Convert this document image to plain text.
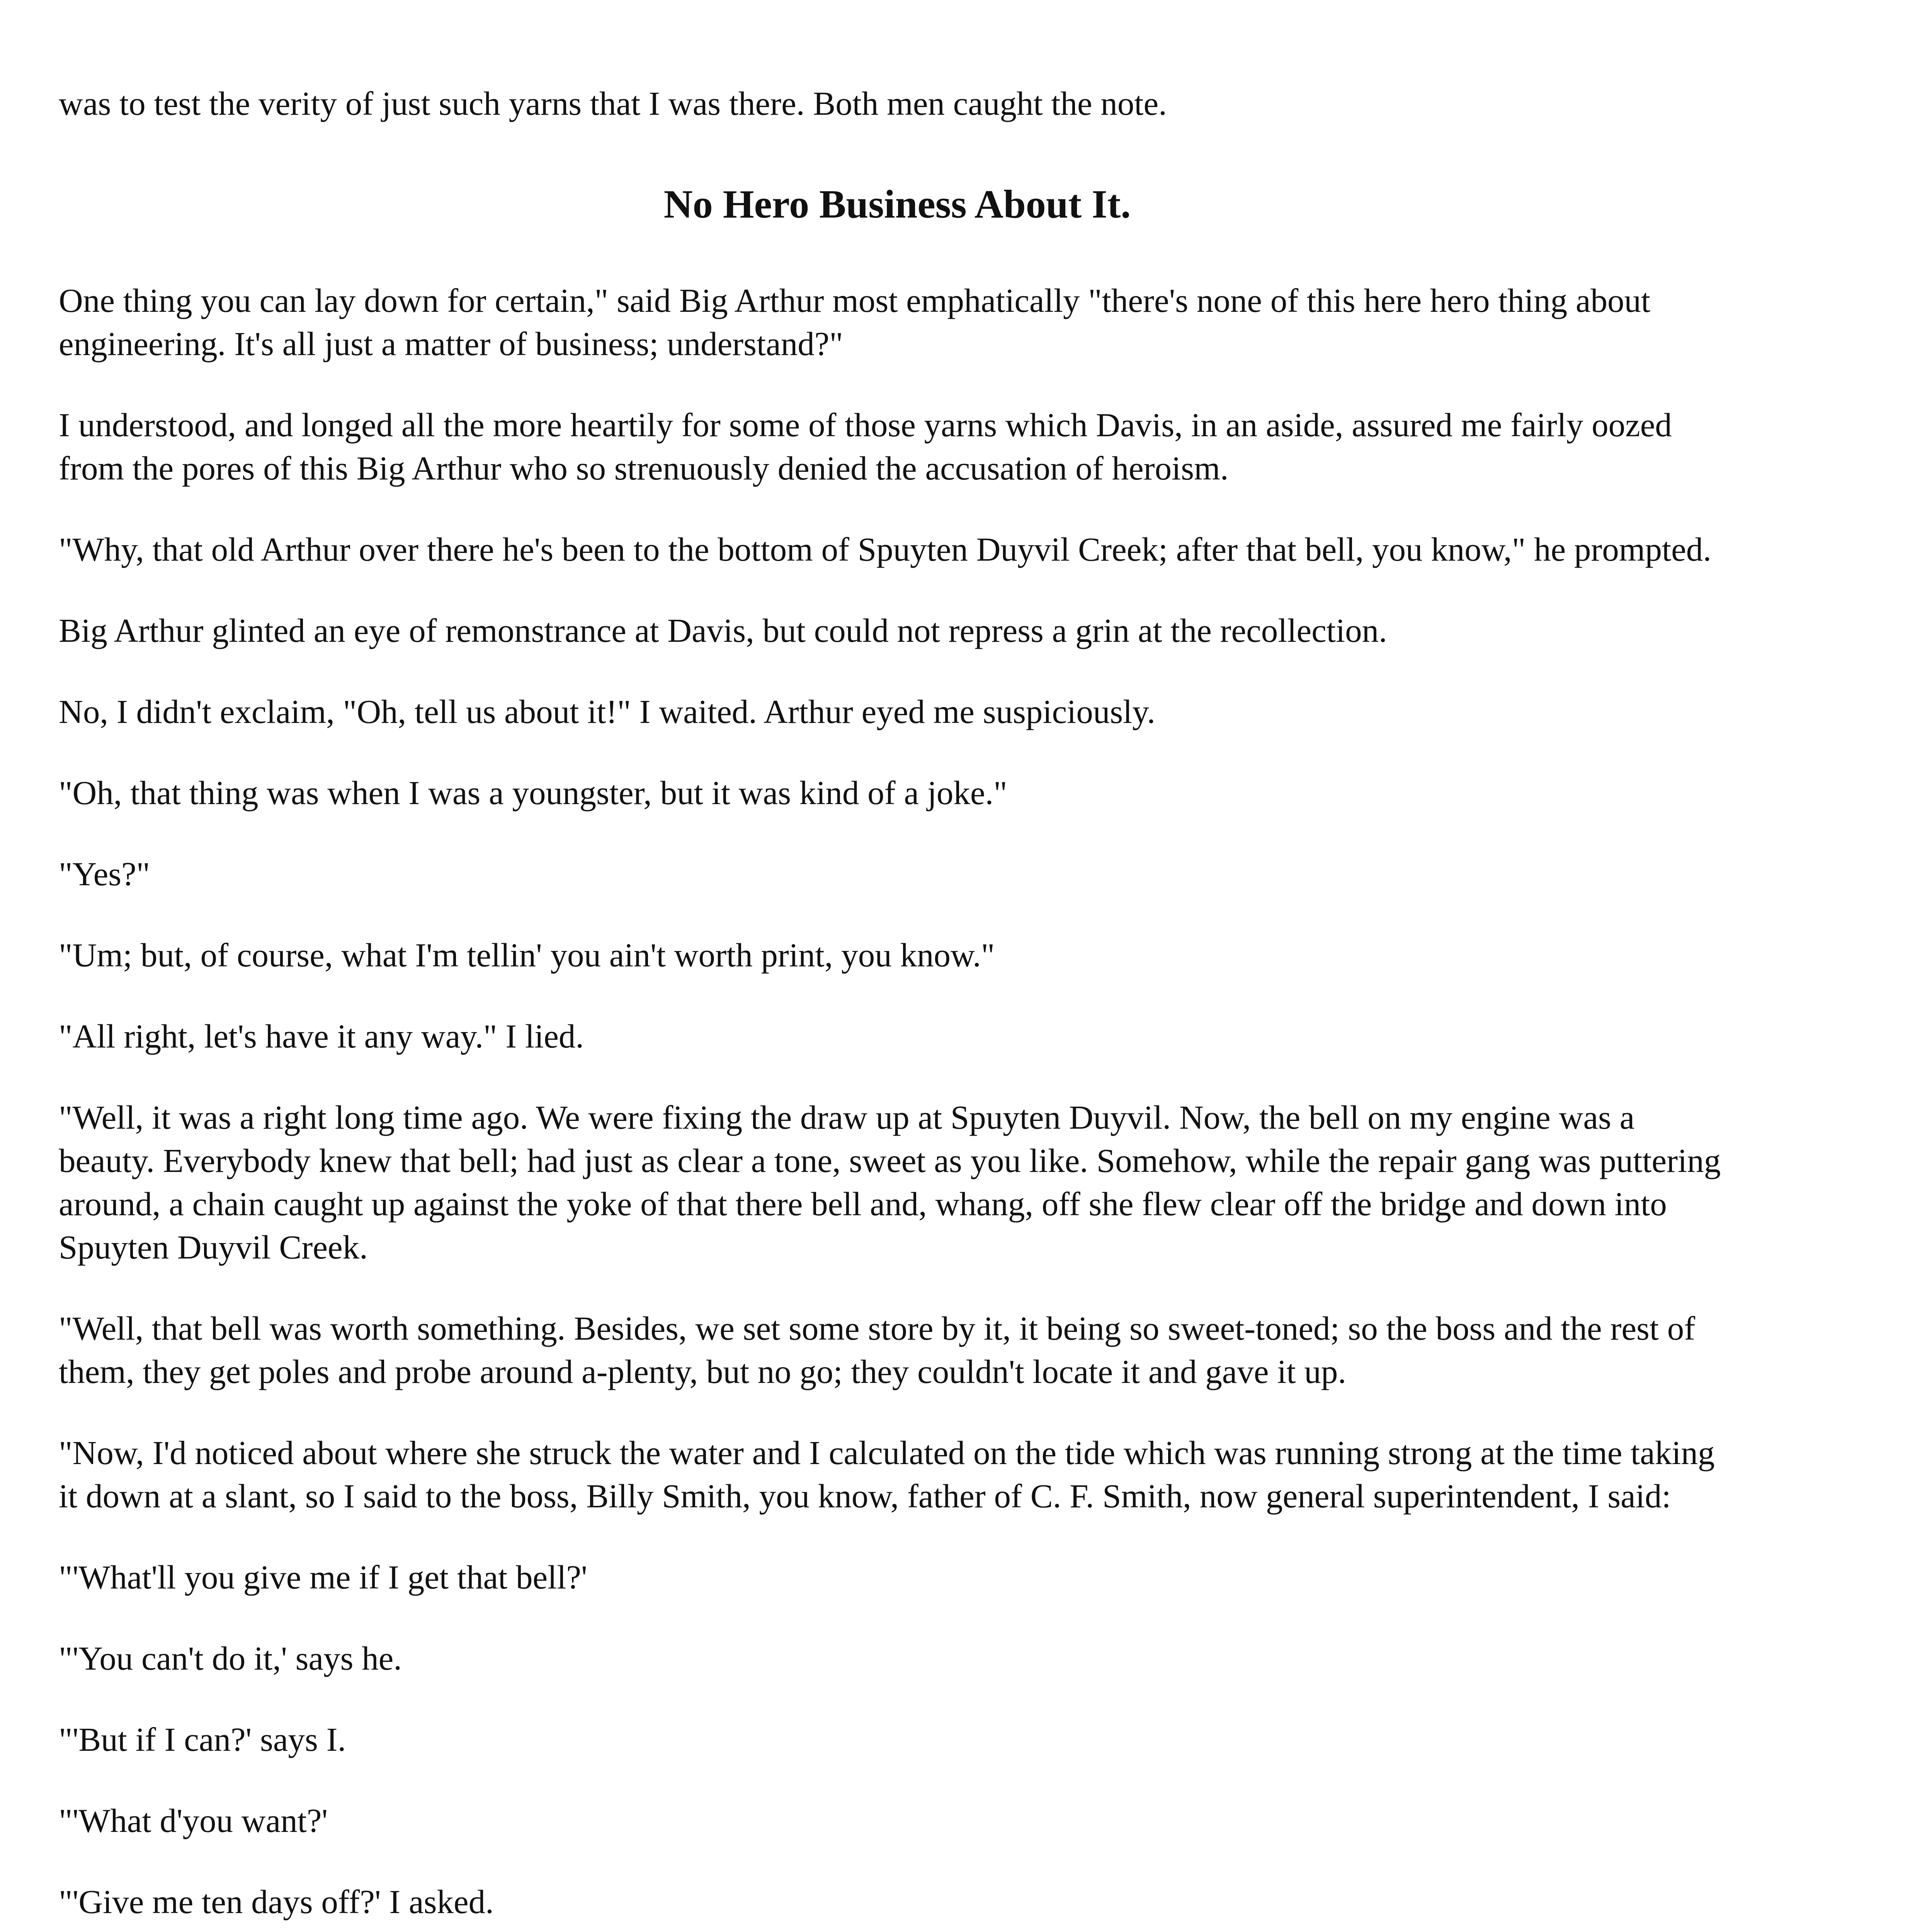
was to test the verity of just such yarns that I was there. Both men caught the note.

No Hero Business About It.

One thing you can lay down for certain," said Big Arthur most emphatically "there's none of this here hero thing about engineering. It's all just a matter of business; understand?"

I understood, and longed all the more heartily for some of those yarns which Davis, in an aside, assured me fairly oozed from the pores of this Big Arthur who so strenuously denied the accusation of heroism.

"Why, that old Arthur over there he's been to the bottom of Spuyten Duyvil Creek; after that bell, you know," he prompted.

Big Arthur glinted an eye of remonstrance at Davis, but could not repress a grin at the recollection.

No, I didn't exclaim, "Oh, tell us about it!" I waited. Arthur eyed me suspiciously.

"Oh, that thing was when I was a youngster, but it was kind of a joke."

"Yes?"

"Um; but, of course, what I'm tellin' you ain't worth print, you know."

"All right, let's have it any way." I lied.

"Well, it was a right long time ago. We were fixing the draw up at Spuyten Duyvil. Now, the bell on my engine was a beauty. Everybody knew that bell; had just as clear a tone, sweet as you like. Somehow, while the repair gang was puttering around, a chain caught up against the yoke of that there bell and, whang, off she flew clear off the bridge and down into Spuyten Duyvil Creek.

"Well, that bell was worth something. Besides, we set some store by it, it being so sweet-toned; so the boss and the rest of them, they get poles and probe around a-plenty, but no go; they couldn't locate it and gave it up.

"Now, I'd noticed about where she struck the water and I calculated on the tide which was running strong at the time taking it down at a slant, so I said to the boss, Billy Smith, you know, father of C. F. Smith, now general superintendent, I said:

"'What'll you give me if I get that bell?'

"'You can't do it,' says he.

"'But if I can?' says I.

"'What d'you want?'

"'Give me ten days off?' I asked.
